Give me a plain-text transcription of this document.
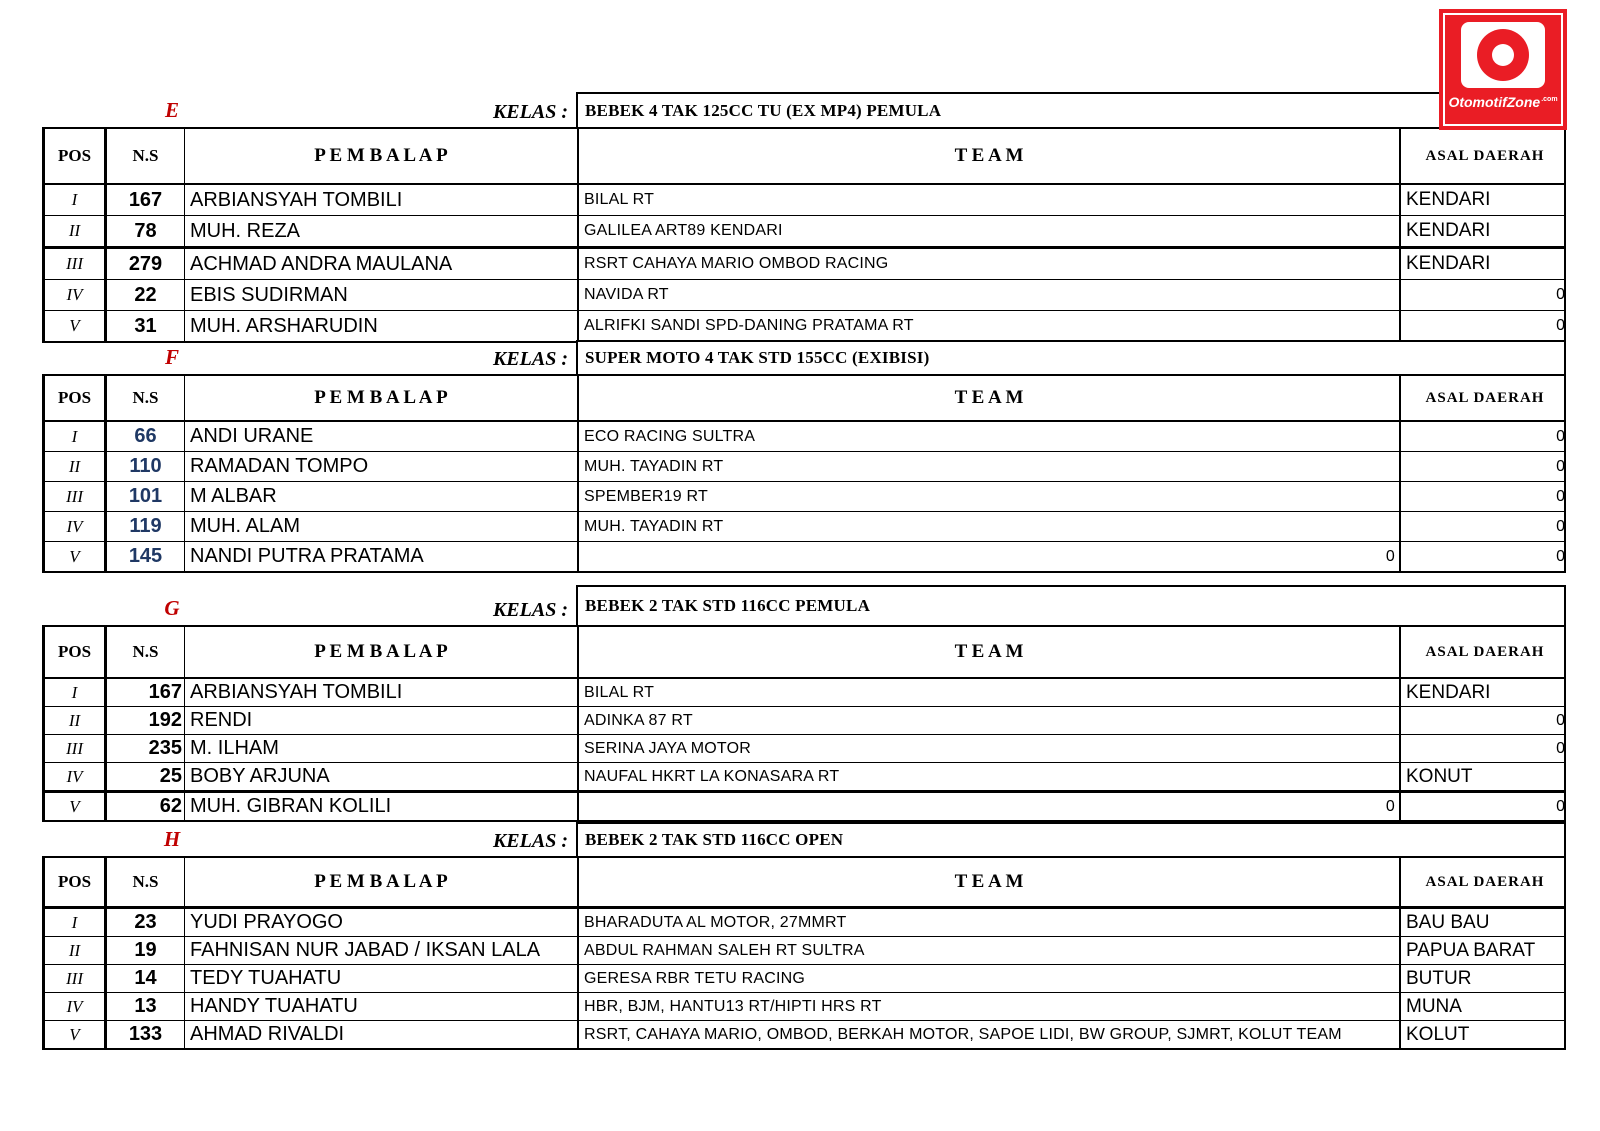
OtomotifZone$^{.com}$
E	KELAS :	BEBEK 4 TAK 125CC TU (EX MP4) PEMULA
POS	N.S	P E M B A L A P	T E A M	ASAL DAERAH
I	167	ARBIANSYAH TOMBILI	BILAL RT	KENDARI
II	78	MUH. REZA	GALILEA ART89 KENDARI	KENDARI
III	279	ACHMAD ANDRA MAULANA	RSRT CAHAYA MARIO OMBOD RACING	KENDARI
IV	22	EBIS SUDIRMAN	NAVIDA RT	0
V	31	MUH. ARSHARUDIN	ALRIFKI SANDI SPD-DANING PRATAMA RT	0
F	KELAS :	SUPER MOTO 4 TAK STD 155CC (EXIBISI)
POS	N.S	P E M B A L A P	T E A M	ASAL DAERAH
I	66	ANDI URANE	ECO RACING SULTRA	0
II	110	RAMADAN TOMPO	MUH. TAYADIN RT	0
III	101	M ALBAR	SPEMBER19 RT	0
IV	119	MUH. ALAM	MUH. TAYADIN RT	0
V	145	NANDI PUTRA PRATAMA	0	0
G	KELAS :	BEBEK 2 TAK STD 116CC PEMULA
POS	N.S	P E M B A L A P	T E A M	ASAL DAERAH
I	167 ARBIANSYAH TOMBILI	BILAL RT	KENDARI
II	192 RENDI	ADINKA 87 RT	0
III	235 M. ILHAM	SERINA JAYA MOTOR	0
IV	25 BOBY ARJUNA	NAUFAL HKRT LA KONASARA RT	KONUT
V	62 MUH. GIBRAN KOLILI	0	0
H	KELAS :	BEBEK 2 TAK STD 116CC OPEN
POS	N.S	P E M B A L A P	T E A M	ASAL DAERAH
I	23	YUDI PRAYOGO	BHARADUTA AL MOTOR, 27MMRT	BAU BAU
II	19	FAHNISAN NUR JABAD / IKSAN LALA	ABDUL RAHMAN SALEH RT SULTRA	PAPUA BARAT
III	14	TEDY TUAHATU	GERESA RBR TETU RACING	BUTUR
IV	13	HANDY TUAHATU	HBR, BJM, HANTU13 RT/HIPTI HRS RT	MUNA
V	133	AHMAD RIVALDI	RSRT, CAHAYA MARIO, OMBOD, BERKAH MOTOR, SAPOE LIDI, BW GROUP, SJMRT, KOLUT TEAM	KOLUT
